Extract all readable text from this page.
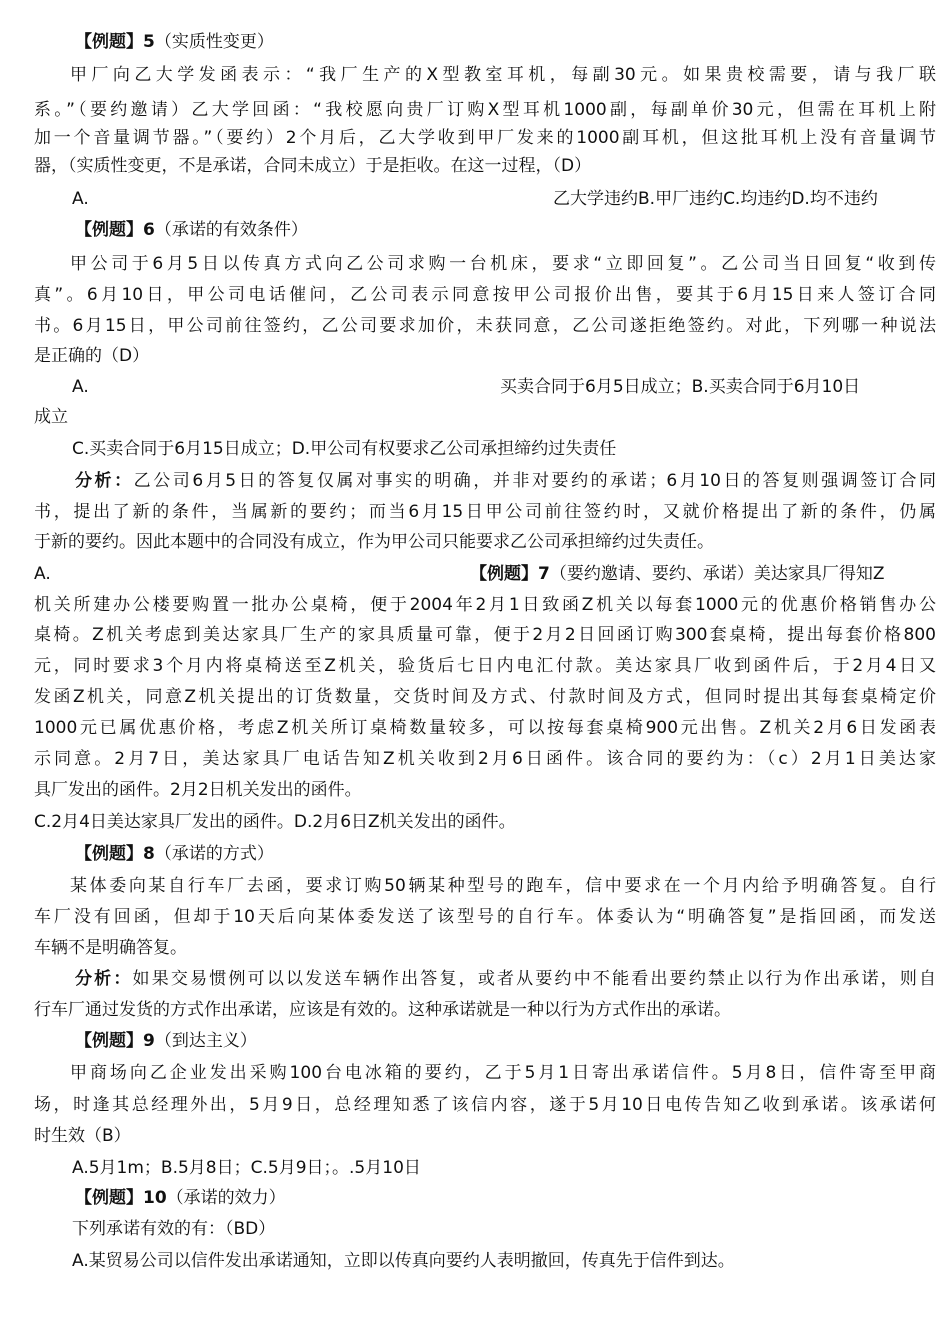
【例题】5（实质性变更）
甲厂向乙大学发函表示：“我厂生产的X型教室耳机，每副30元。如果贵校需要，请与我厂联
系。”（要约邀请）乙大学回函：“我校愿向贵厂订购X型耳机1000副，每副单价30元，但需在耳机上附
加一个音量调节器。”（要约）2个月后，乙大学收到甲厂发来的1000副耳机，但这批耳机上没有音量调节
器，（实质性变更，不是承诺，合同未成立）于是拒收。在这一过程，（D）
A.	乙大学违约B.甲厂违约C.均违约D.均不违约
【例题】6（承诺的有效条件）
甲公司于6月5日以传真方式向乙公司求购一台机床，要求“立即回复”。乙公司当日回复“收到传
真”。6月10日，甲公司电话催问，乙公司表示同意按甲公司报价出售，要其于6月15日来人签订合同
书。6月15日，甲公司前往签约，乙公司要求加价，未获同意，乙公司遂拒绝签约。对此，下列哪一种说法
是正确的（D）
A.	买卖合同于6月5日成立；B.买卖合同于6月10日
成立
C.买卖合同于6月15日成立；D.甲公司有权要求乙公司承担缔约过失责任
分析：乙公司6月5日的答复仅属对事实的明确，并非对要约的承诺；6月10日的答复则强调签订合同
书，提出了新的条件，当属新的要约；而当6月15日甲公司前往签约时，又就价格提出了新的条件，仍属
于新的要约。因此本题中的合同没有成立，作为甲公司只能要求乙公司承担缔约过失责任。
A.	【例题】7（要约邀请、要约、承诺）美达家具厂得知Z
机关所建办公楼要购置一批办公桌椅，便于2004年2月1日致函Z机关以每套1000元的优惠价格销售办公
桌椅。Z机关考虑到美达家具厂生产的家具质量可靠，便于2月2日回函订购300套桌椅，提出每套价格800
元，同时要求3个月内将桌椅送至Z机关，验货后七日内电汇付款。美达家具厂收到函件后，于2月4日又
发函Z机关，同意Z机关提出的订货数量，交货时间及方式、付款时间及方式，但同时提出其每套桌椅定价
1000元已属优惠价格，考虑Z机关所订桌椅数量较多，可以按每套桌椅900元出售。Z机关2月6日发函表
示同意。2月7日，美达家具厂电话告知Z机关收到2月6日函件。该合同的要约为：（c）2月1日美达家
具厂发出的函件。2月2日机关发出的函件。
C.2月4日美达家具厂发出的函件。D.2月6日Z机关发出的函件。
【例题】8（承诺的方式）
某体委向某自行车厂去函，要求订购50辆某种型号的跑车，信中要求在一个月内给予明确答复。自行
车厂没有回函，但却于10天后向某体委发送了该型号的自行车。体委认为“明确答复”是指回函，而发送
车辆不是明确答复。
分析：如果交易惯例可以以发送车辆作出答复，或者从要约中不能看出要约禁止以行为作出承诺，则自
行车厂通过发货的方式作出承诺，应该是有效的。这种承诺就是一种以行为方式作出的承诺。
【例题】9（到达主义）
甲商场向乙企业发出采购100台电冰箱的要约，乙于5月1日寄出承诺信件。5月8日，信件寄至甲商
场，时逢其总经理外出，5月9日，总经理知悉了该信内容，遂于5月10日电传告知乙收到承诺。该承诺何
时生效（B）
A.5月1m；B.5月8日；C.5月9日；。.5月10日
【例题】10（承诺的效力）
下列承诺有效的有：（BD）
A.某贸易公司以信件发出承诺通知，立即以传真向要约人表明撤回，传真先于信件到达。
